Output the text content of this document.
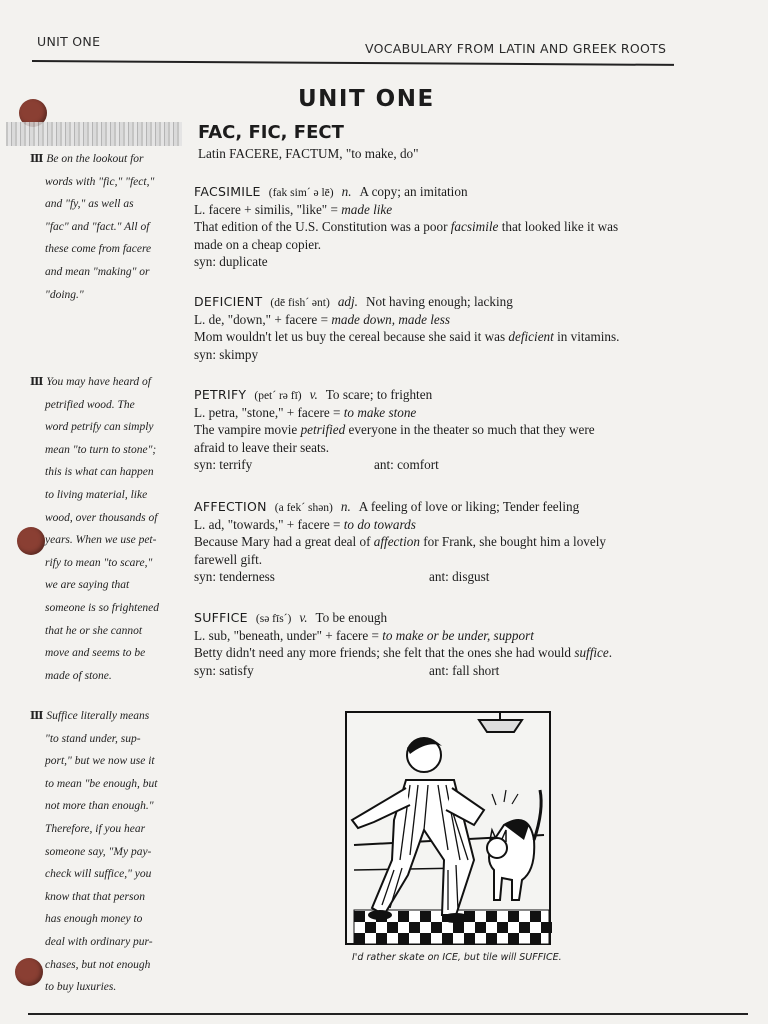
UNIT ONE	VOCABULARY FROM LATIN AND GREEK ROOTS
UNIT ONE
FAC, FIC, FECT
Latin FACERE, FACTUM, "to make, do"
Ⅲ Be on the lookout for
words with "fic," "fect,"
and "fy," as well as
"fac" and "fact." All of
these come from facere
and mean "making" or
"doing."
Ⅲ You may have heard of
petrified wood. The
word petrify can simply
mean "to turn to stone";
this is what can happen
to living material, like
wood, over thousands of
years. When we use pet-
rify to mean "to scare,"
we are saying that
someone is so frightened
that he or she cannot
move and seems to be
made of stone.
Ⅲ Suffice literally means
"to stand under, sup-
port," but we now use it
to mean "be enough, but
not more than enough."
Therefore, if you hear
someone say, "My pay-
check will suffice," you
know that that person
has enough money to
deal with ordinary pur-
chases, but not enough
to buy luxuries.
FACSIMILE (fak sim´ ə lē) n. A copy; an imitation
L. facere + similis, "like" = made like
That edition of the U.S. Constitution was a poor facsimile that looked like it was
made on a cheap copier.
syn: duplicate
DEFICIENT (dē fish´ ənt) adj. Not having enough; lacking
L. de, "down," + facere = made down, made less
Mom wouldn't let us buy the cereal because she said it was deficient in vitamins.
syn: skimpy
PETRIFY (pet´ rə fī) v. To scare; to frighten
L. petra, "stone," + facere = to make stone
The vampire movie petrified everyone in the theater so much that they were
afraid to leave their seats.
syn: terrify	ant: comfort
AFFECTION (a fek´ shən) n. A feeling of love or liking; Tender feeling
L. ad, "towards," + facere = to do towards
Because Mary had a great deal of affection for Frank, she bought him a lovely
farewell gift.
syn: tenderness	ant: disgust
SUFFICE (sə fīs´) v. To be enough
L. sub, "beneath, under" + facere = to make or be under, support
Betty didn't need any more friends; she felt that the ones she had would suffice.
syn: satisfy	ant: fall short
I'd rather skate on ICE, but tile will SUFFICE.
